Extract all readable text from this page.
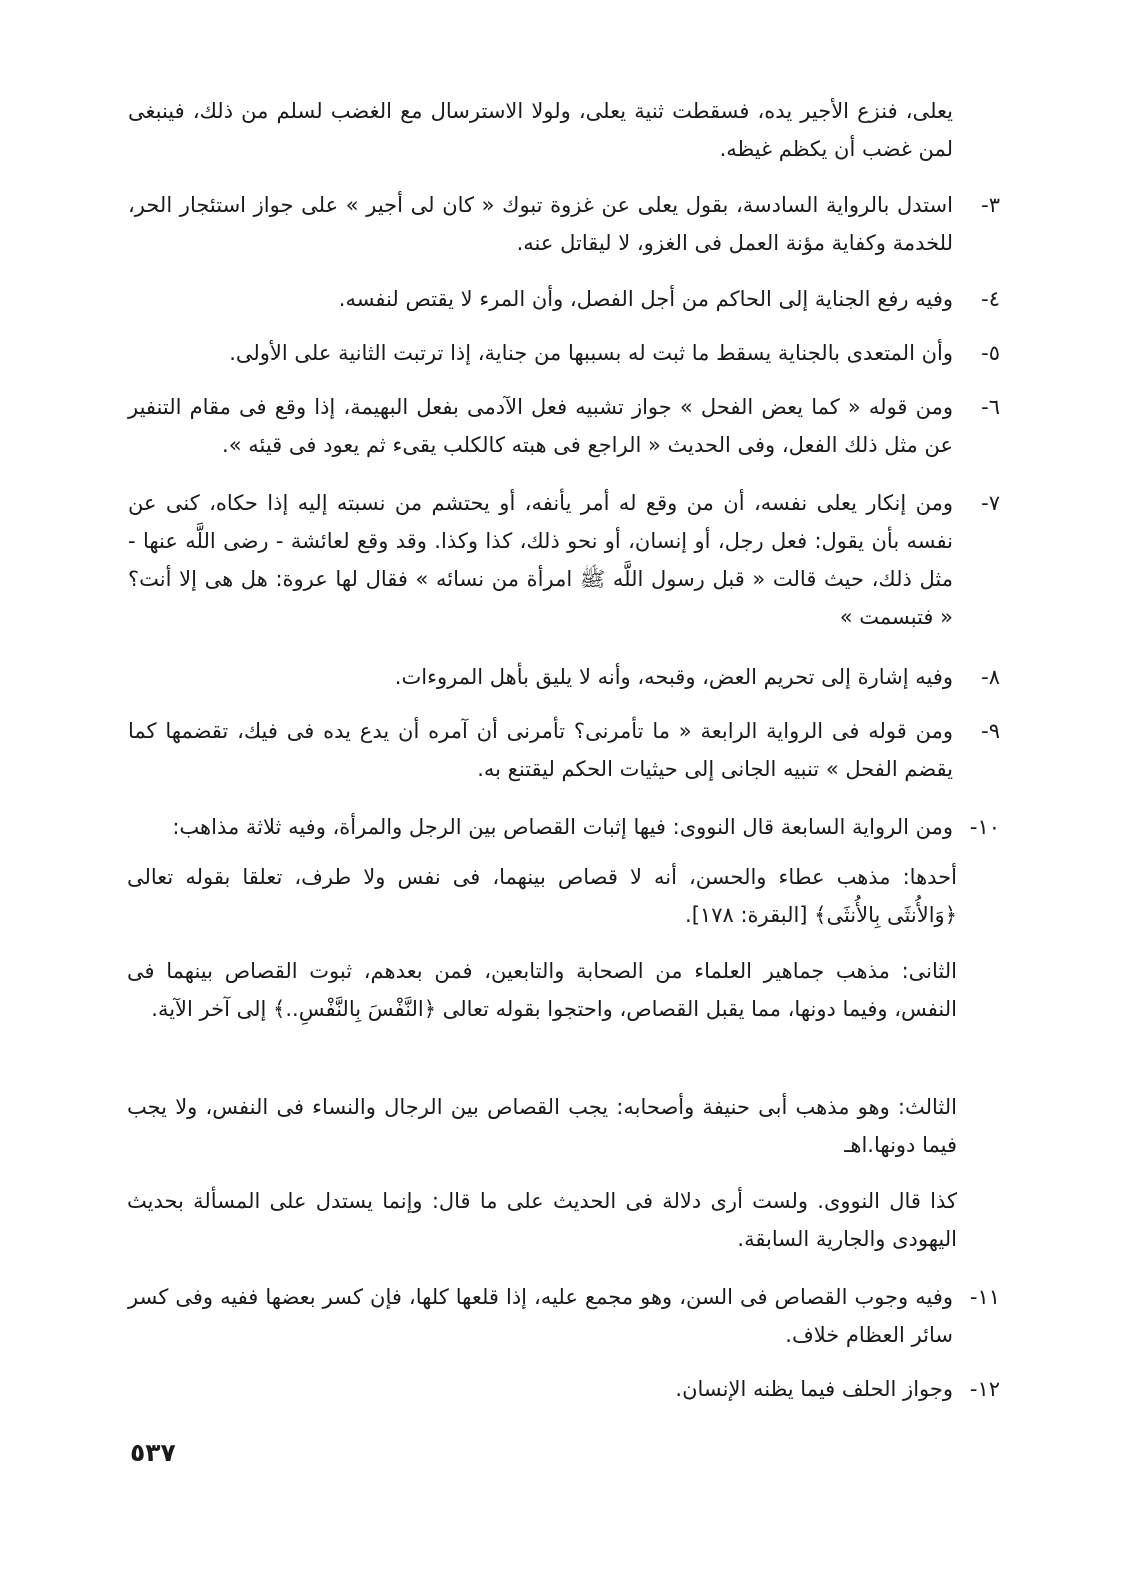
يعلى، فنزع الأجير يده، فسقطت ثنية يعلى، ولولا الاسترسال مع الغضب لسلم من ذلك، فينبغى لمن غضب أن يكظم غيظه.
٣-
استدل بالرواية السادسة، بقول يعلى عن غزوة تبوك « كان لى أجير » على جواز استئجار الحر، للخدمة وكفاية مؤنة العمل فى الغزو، لا ليقاتل عنه.
٤-
وفيه رفع الجناية إلى الحاكم من أجل الفصل، وأن المرء لا يقتص لنفسه.
٥-
وأن المتعدى بالجناية يسقط ما ثبت له بسببها من جناية، إذا ترتبت الثانية على الأولى.
٦-
ومن قوله « كما يعض الفحل » جواز تشبيه فعل الآدمى بفعل البهيمة، إذا وقع فى مقام التنفير عن مثل ذلك الفعل، وفى الحديث « الراجع فى هبته كالكلب يقىء ثم يعود فى قيئه ».
٧-
ومن إنكار يعلى نفسه، أن من وقع له أمر يأنفه، أو يحتشم من نسبته إليه إذا حكاه، كنى عن نفسه بأن يقول: فعل رجل، أو إنسان، أو نحو ذلك، كذا وكذا. وقد وقع لعائشة - رضى اللَّه عنها - مثل ذلك، حيث قالت « قبل رسول اللَّه ﷺ امرأة من نسائه » فقال لها عروة: هل هى إلا أنت؟ « فتبسمت »
٨-
وفيه إشارة إلى تحريم العض، وقبحه، وأنه لا يليق بأهل المروءات.
٩-
ومن قوله فى الرواية الرابعة « ما تأمرنى؟ تأمرنى أن آمره أن يدع يده فى فيك، تقضمها كما يقضم الفحل » تنبيه الجانى إلى حيثيات الحكم ليقتنع به.
١٠-
ومن الرواية السابعة قال النووى: فيها إثبات القصاص بين الرجل والمرأة، وفيه ثلاثة مذاهب:
أحدها: مذهب عطاء والحسن، أنه لا قصاص بينهما، فى نفس ولا طرف، تعلقا بقوله تعالى ﴿وَالأُنثَى بِالأُنثَى﴾ [البقرة: ١٧٨].
الثانى: مذهب جماهير العلماء من الصحابة والتابعين، فمن بعدهم، ثبوت القصاص بينهما فى النفس، وفيما دونها، مما يقبل القصاص، واحتجوا بقوله تعالى ﴿النَّفْسَ بِالنَّفْسِ..﴾ إلى آخر الآية.
الثالث: وهو مذهب أبى حنيفة وأصحابه: يجب القصاص بين الرجال والنساء فى النفس، ولا يجب فيما دونها.اهـ
كذا قال النووى. ولست أرى دلالة فى الحديث على ما قال: وإنما يستدل على المسألة بحديث اليهودى والجارية السابقة.
١١-
وفيه وجوب القصاص فى السن، وهو مجمع عليه، إذا قلعها كلها، فإن كسر بعضها ففيه وفى كسر سائر العظام خلاف.
١٢-
وجواز الحلف فيما يظنه الإنسان.
٥٣٧
